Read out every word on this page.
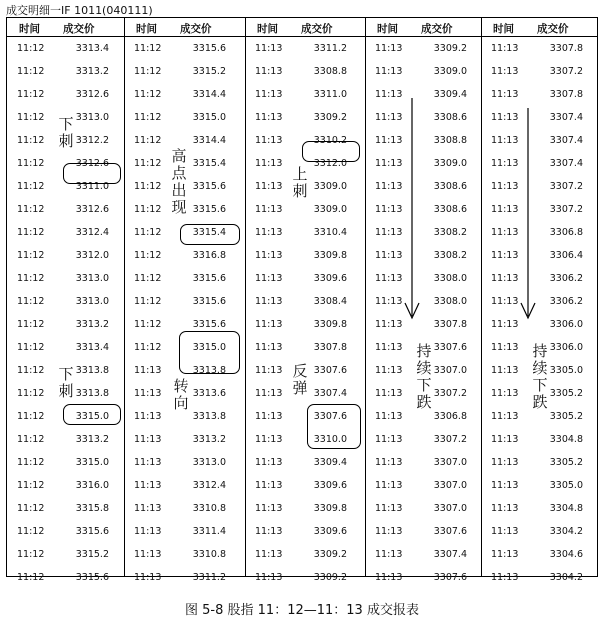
成交明细一IF 1011(040111)
时间 成交价
11:12	3313.4
11:12	3313.2
11:12	3312.6
11:12	3313.0
11:12	3312.2
11:12	3312.6
11:12	3311.0
11:12	3312.6
11:12	3312.4
11:12	3312.0
11:12	3313.0
11:12	3313.0
11:12	3313.2
11:12	3313.4
11:12	3313.8
11:12	3313.8
11:12	3315.0
11:12	3313.2
11:12	3315.0
11:12	3316.0
11:12	3315.8
11:12	3315.6
11:12	3315.2
11:12	3315.6
时间 成交价
11:12	3315.6
11:12	3315.2
11:12	3314.4
11:12	3315.0
11:12	3314.4
11:12	3315.4
11:12	3315.6
11:12	3315.6
11:12	3315.4
11:12	3316.8
11:12	3315.6
11:12	3315.6
11:12	3315.6
11:12	3315.0
11:13	3313.8
11:13	3313.6
11:13	3313.8
11:13	3313.2
11:13	3313.0
11:13	3312.4
11:13	3310.8
11:13	3311.4
11:13	3310.8
11:13	3311.2
时间 成交价
11:13	3311.2
11:13	3308.8
11:13	3311.0
11:13	3309.2
11:13	3310.2
11:13	3312.0
11:13	3309.0
11:13	3309.0
11:13	3310.4
11:13	3309.8
11:13	3309.6
11:13	3308.4
11:13	3309.8
11:13	3307.8
11:13	3307.6
11:13	3307.4
11:13	3307.6
11:13	3310.0
11:13	3309.4
11:13	3309.6
11:13	3309.8
11:13	3309.6
11:13	3309.2
11:13	3309.2
时间 成交价
11:13	3309.2
11:13	3309.0
11:13	3309.4
11:13	3308.6
11:13	3308.8
11:13	3309.0
11:13	3308.6
11:13	3308.6
11:13	3308.2
11:13	3308.2
11:13	3308.0
11:13	3308.0
11:13	3307.8
11:13	3307.6
11:13	3307.0
11:13	3307.2
11:13	3306.8
11:13	3307.2
11:13	3307.0
11:13	3307.0
11:13	3307.0
11:13	3307.6
11:13	3307.4
11:13	3307.6
时间 成交价
11:13	3307.8
11:13	3307.2
11:13	3307.8
11:13	3307.4
11:13	3307.4
11:13	3307.4
11:13	3307.2
11:13	3307.2
11:13	3306.8
11:13	3306.4
11:13	3306.2
11:13	3306.2
11:13	3306.0
11:13	3306.0
11:13	3305.0
11:13	3305.2
11:13	3305.2
11:13	3304.8
11:13	3305.2
11:13	3305.0
11:13	3304.8
11:13	3304.2
11:13	3304.6
11:13	3304.2
下刺
下刺
高点出现
转向
上刺
反弹
持续下跌
持续下跌
图 5-8 股指 11：12—11：13 成交报表
